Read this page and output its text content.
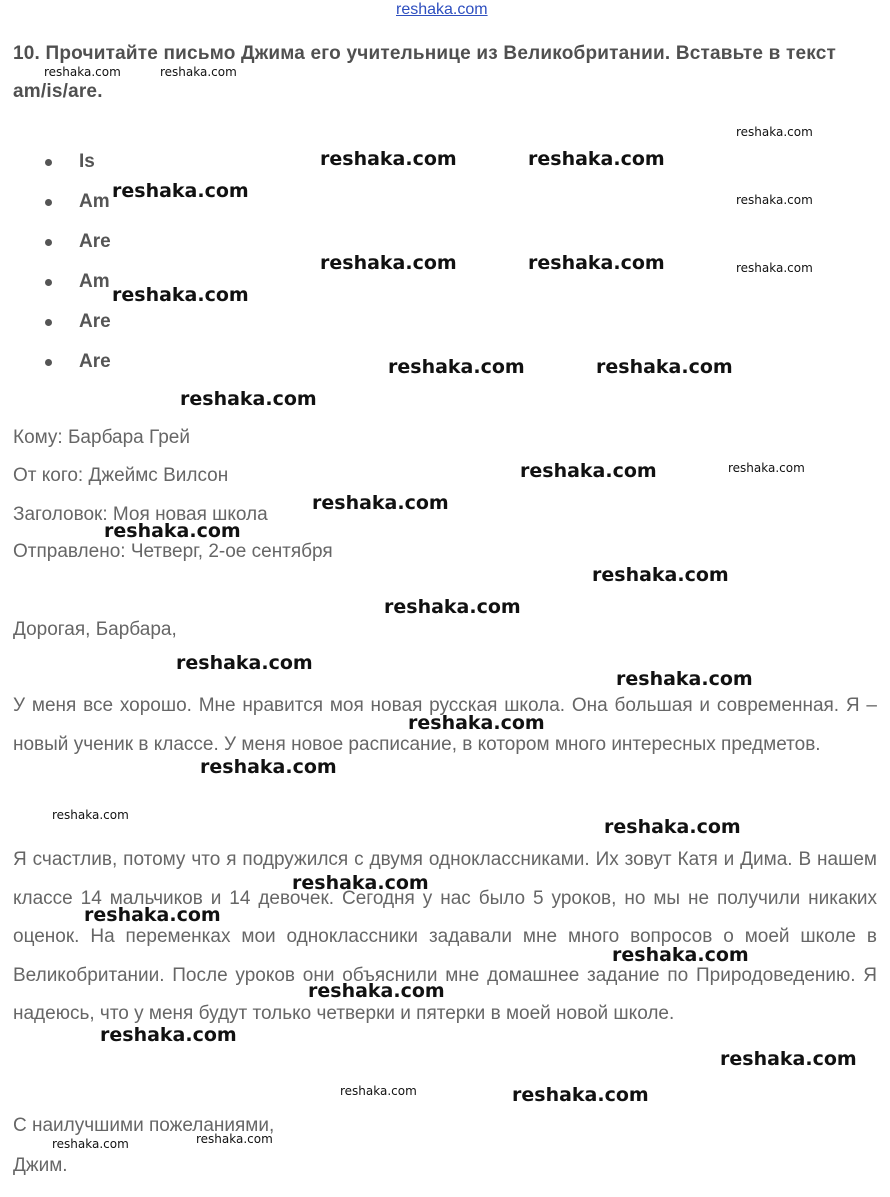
reshaka.com
10. Прочитайте письмо Джима его учительнице из Великобритании. Вставьте в текст am/is/are.
Is
Am
Are
Am
Are
Are
Кому: Барбара Грей
От кого: Джеймс Вилсон
Заголовок: Моя новая школа
Отправлено: Четверг, 2-ое сентября
Дорогая, Барбара,

У меня все хорошо. Мне нравится моя новая русская школа. Она большая и современная. Я – новый ученик в классе. У меня новое расписание, в котором много интересных предметов.

Я счастлив, потому что я подружился с двумя одноклассниками. Их зовут Катя и Дима. В нашем классе 14 мальчиков и 14 девочек. Сегодня у нас было 5 уроков, но мы не получили никаких оценок. На переменках мои одноклассники задавали мне много вопросов о моей школе в Великобритании. После уроков они объяснили мне домашнее задание по Природоведению. Я надеюсь, что у меня будут только четверки и пятерки в моей новой школе.

С наилучшими пожеланиями,
Джим.
reshaka.com	reshaka.com
reshaka.com
reshaka.com	reshaka.com
reshaka.com	reshaka.com
reshaka.com	reshaka.com	reshaka.com
reshaka.com
reshaka.com	reshaka.com
reshaka.com
reshaka.com	reshaka.com
reshaka.com
reshaka.com
reshaka.com
reshaka.com
reshaka.com
reshaka.com
reshaka.com
reshaka.com
reshaka.com
reshaka.com
reshaka.com
reshaka.com
reshaka.com
reshaka.com
reshaka.com
reshaka.com
reshaka.com	reshaka.com
reshaka.com
reshaka.com
